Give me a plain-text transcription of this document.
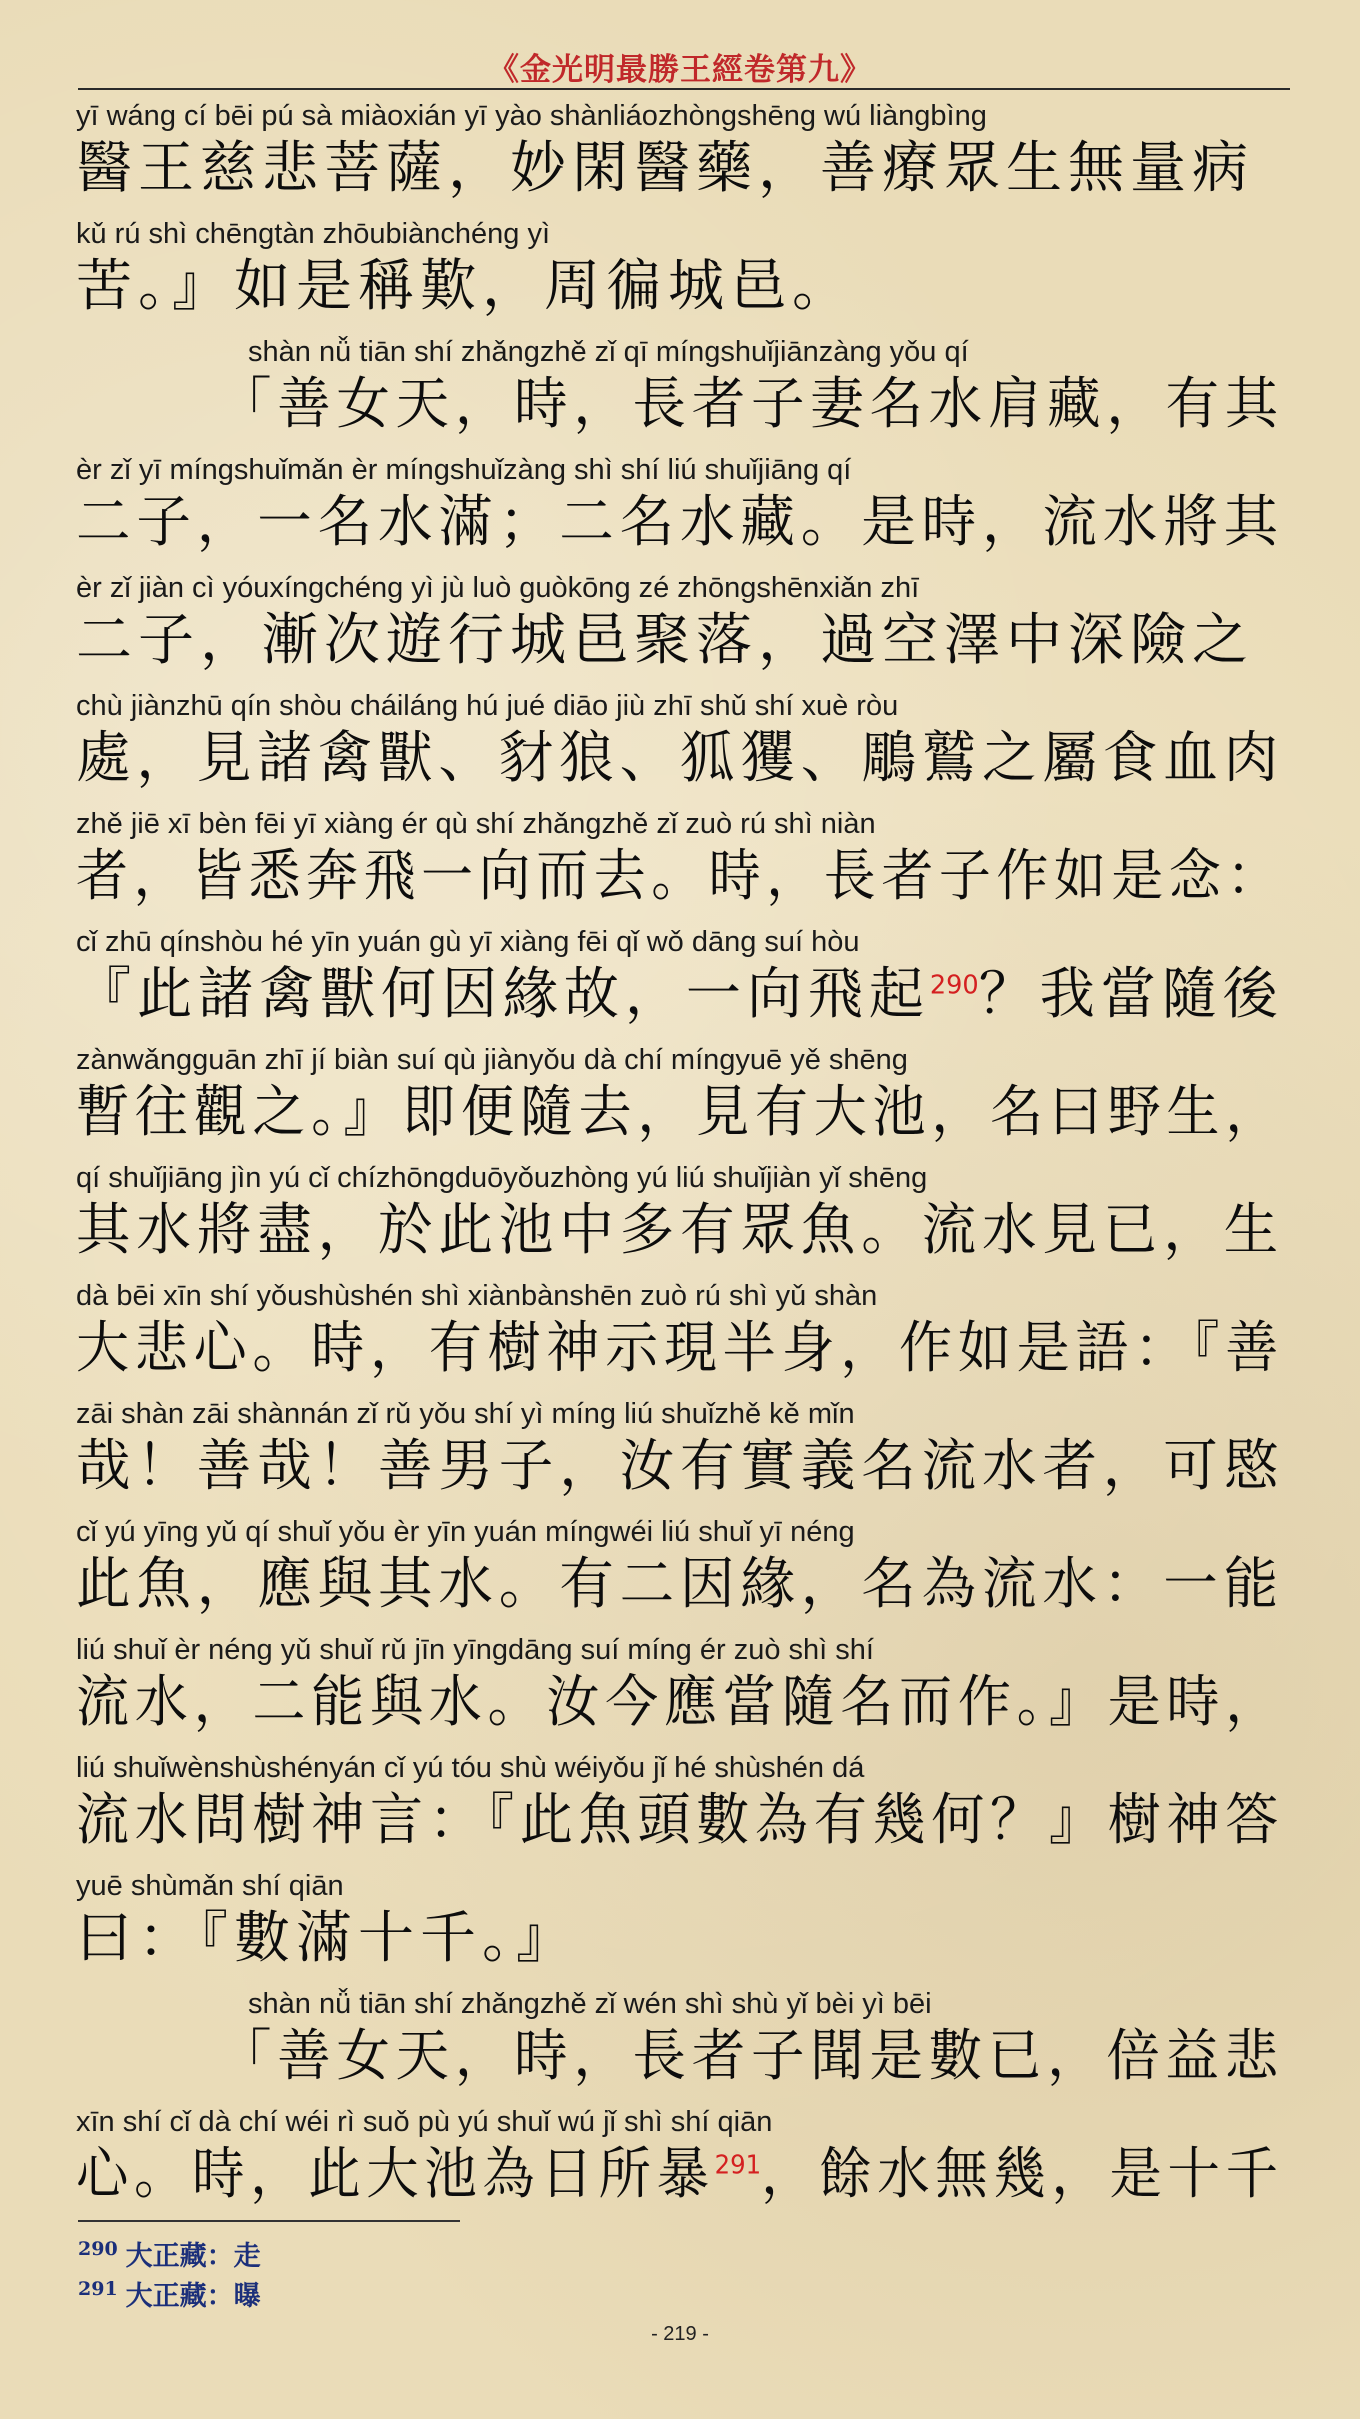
《金光明最勝王經卷第九》
yī wáng cí bēi pú sà miàoxián yī yào shànliáozhòngshēng wú liàngbìng
醫王慈悲菩薩，妙閑醫藥，善療眾生無量病
kǔ rú shì chēngtàn zhōubiànchéng yì
苦。』如是稱歎，周徧城邑。
shàn nǚ tiān shí zhǎngzhě zǐ qī míngshuǐjiānzàng yǒu qí
「善女天，時，長者子妻名水肩藏，有其
èr zǐ yī míngshuǐmǎn èr míngshuǐzàng shì shí liú shuǐjiāng qí
二子，一名水滿；二名水藏。是時，流水將其
èr zǐ jiàn cì yóuxíngchéng yì jù luò guòkōng zé zhōngshēnxiǎn zhī
二子，漸次遊行城邑聚落，過空澤中深險之
chù jiànzhū qín shòu cháiláng hú jué diāo jiù zhī shǔ shí xuè ròu
處，見諸禽獸、豺狼、狐玃、鵰鷲之屬食血肉
zhě jiē xī bèn fēi yī xiàng ér qù shí zhǎngzhě zǐ zuò rú shì niàn
者，皆悉奔飛一向而去。時，長者子作如是念：
cǐ zhū qínshòu hé yīn yuán gù yī xiàng fēi qǐ wǒ dāng suí hòu
『此諸禽獸何因緣故，一向飛起$^{290}$？我當隨後
zànwǎngguān zhī jí biàn suí qù jiànyǒu dà chí míngyuē yě shēng
暫往觀之。』即便隨去，見有大池，名曰野生，
qí shuǐjiāng jìn yú cǐ chízhōngduōyǒuzhòng yú liú shuǐjiàn yǐ shēng
其水將盡，於此池中多有眾魚。流水見已，生
dà bēi xīn shí yǒushùshén shì xiànbànshēn zuò rú shì yǔ shàn
大悲心。時，有樹神示現半身，作如是語：『善
zāi shàn zāi shànnán zǐ rǔ yǒu shí yì míng liú shuǐzhě kě mǐn
哉！善哉！善男子，汝有實義名流水者，可愍
cǐ yú yīng yǔ qí shuǐ yǒu èr yīn yuán míngwéi liú shuǐ yī néng
此魚，應與其水。有二因緣，名為流水：一能
liú shuǐ èr néng yǔ shuǐ rǔ jīn yīngdāng suí míng ér zuò shì shí
流水，二能與水。汝今應當隨名而作。』是時，
liú shuǐwènshùshényán cǐ yú tóu shù wéiyǒu jǐ hé shùshén dá
流水問樹神言：『此魚頭數為有幾何？』樹神答
yuē shùmǎn shí qiān
曰：『數滿十千。』
shàn nǚ tiān shí zhǎngzhě zǐ wén shì shù yǐ bèi yì bēi
「善女天，時，長者子聞是數已，倍益悲
xīn shí cǐ dà chí wéi rì suǒ pù yú shuǐ wú jǐ shì shí qiān
心。時，此大池為日所暴$^{291}$，餘水無幾，是十千
$^{290}$ 大正藏：走
$^{291}$ 大正藏：曝
- 219 -
